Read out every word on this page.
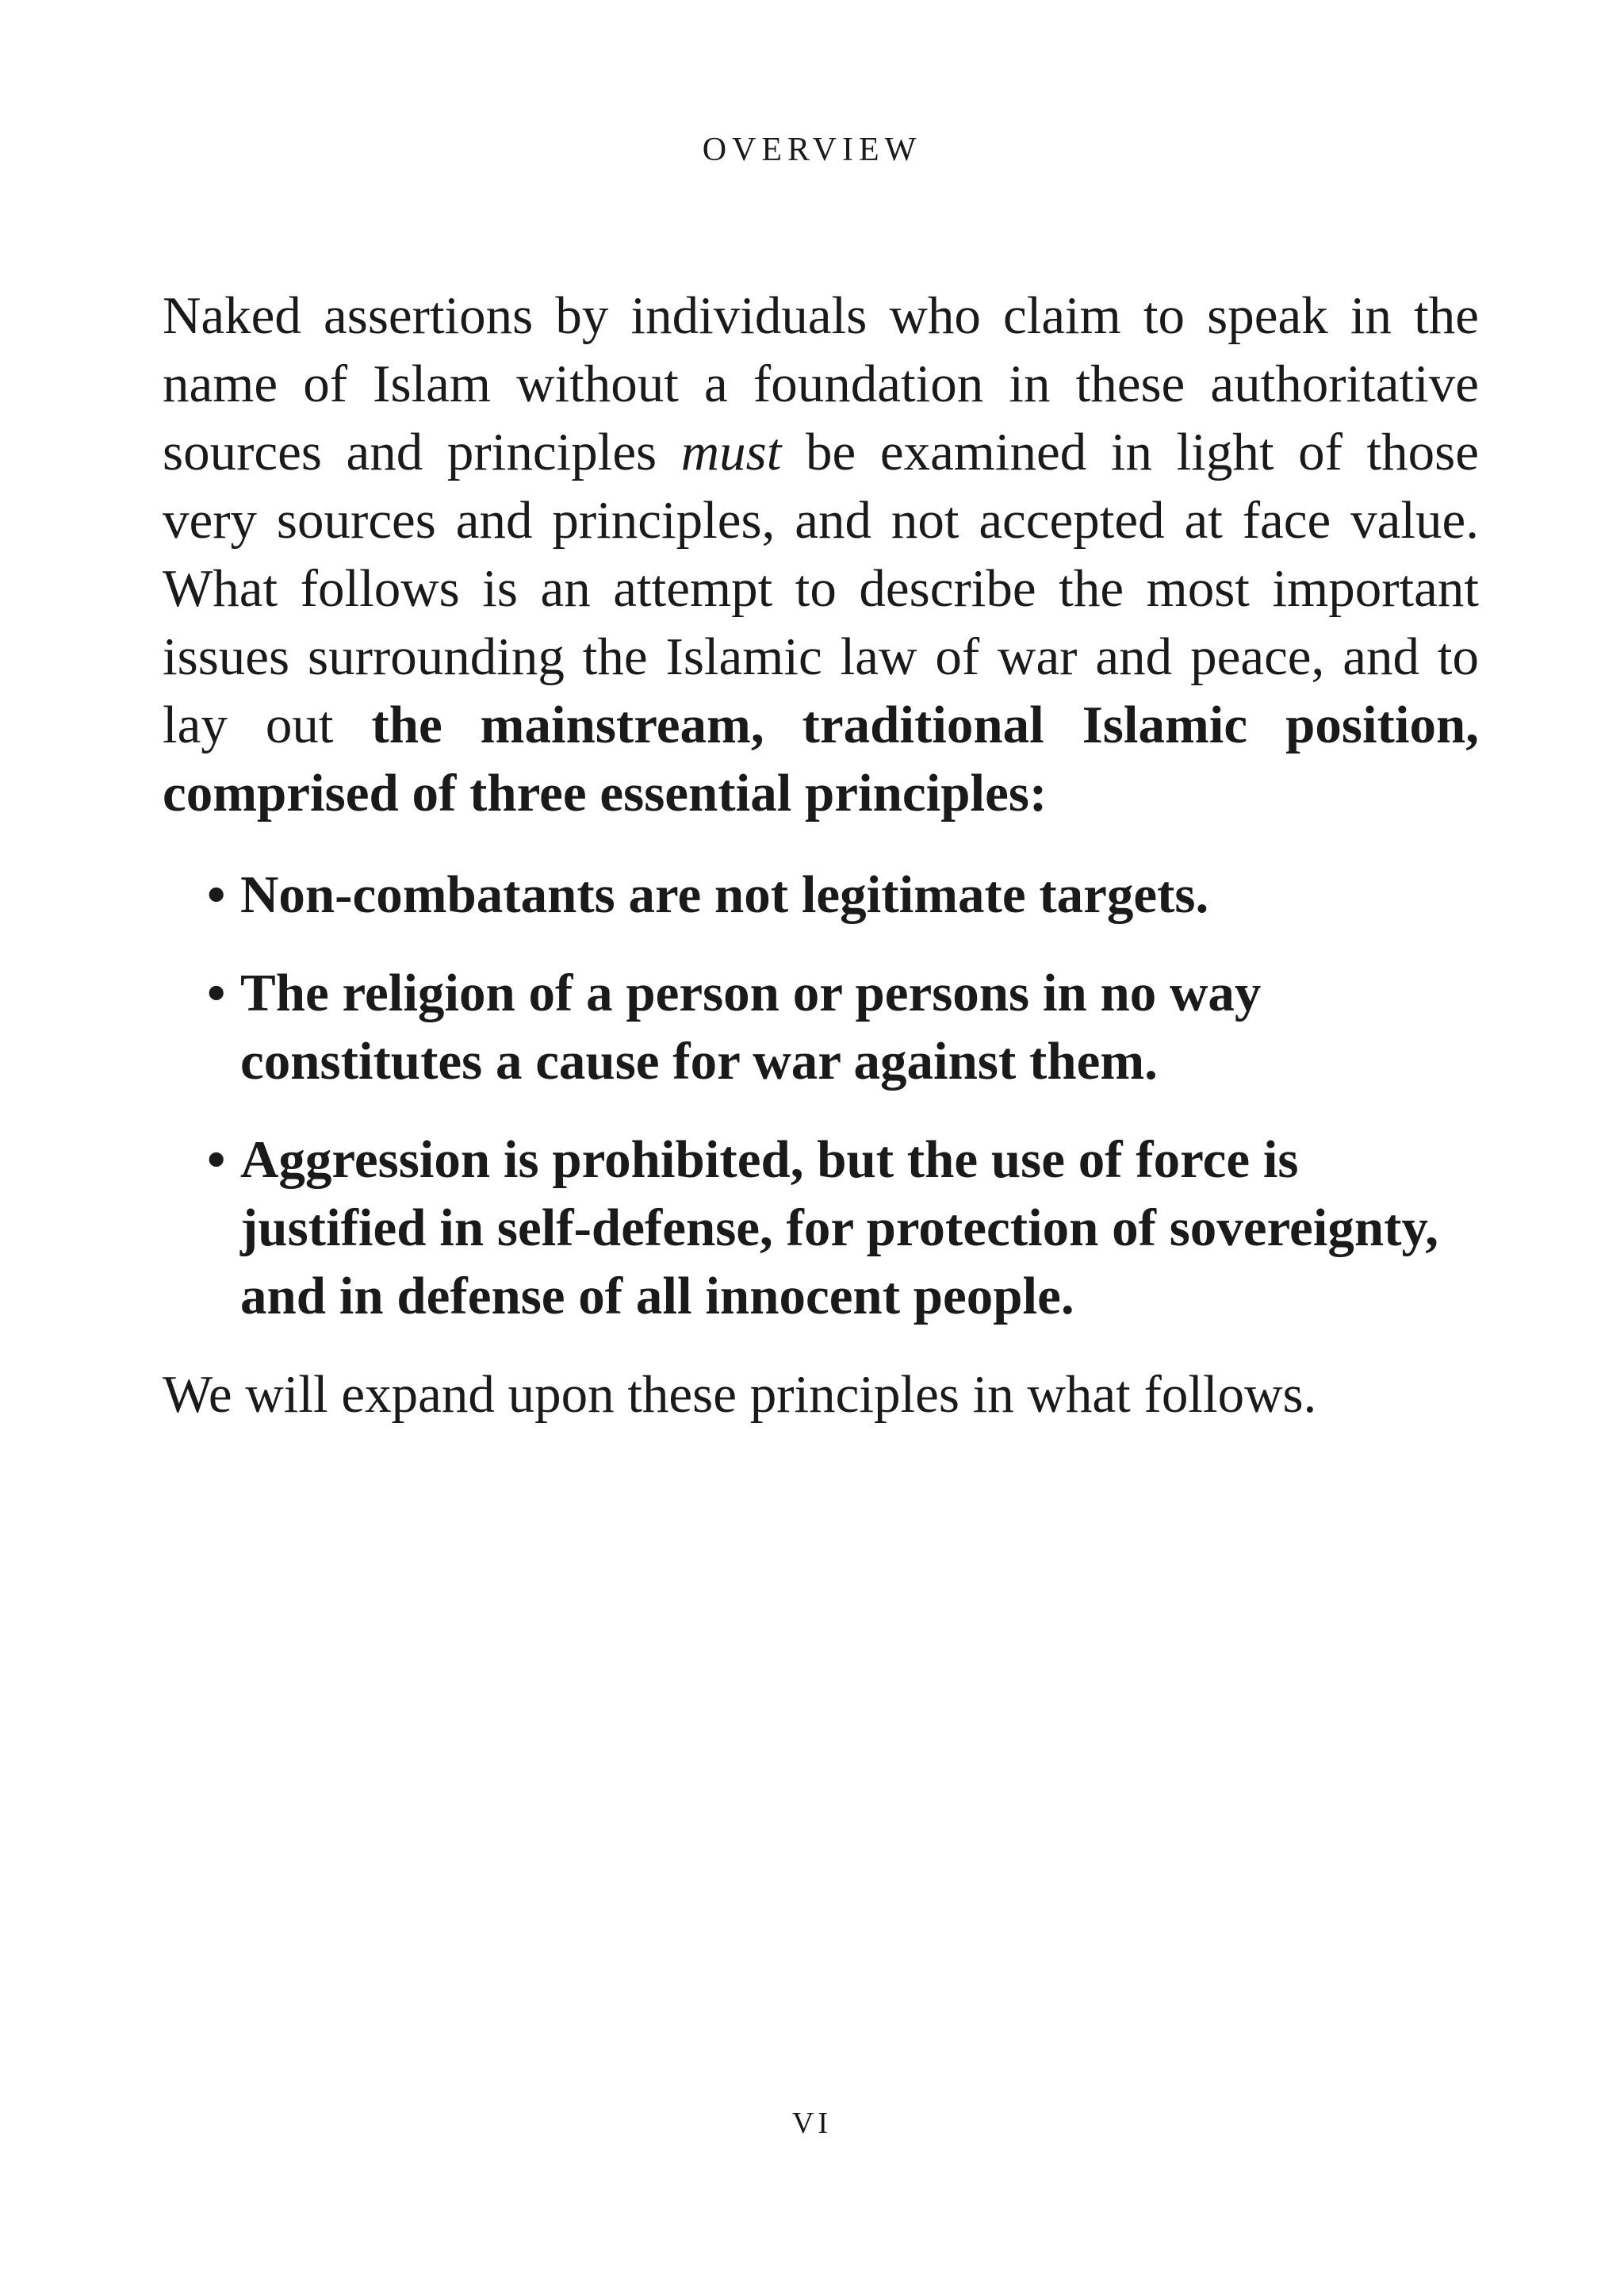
OVERVIEW

Naked assertions by individuals who claim to speak in the name of Islam without a foundation in these authoritative sources and principles must be examined in light of those very sources and principles, and not accepted at face value. What follows is an attempt to describe the most important issues surrounding the Islamic law of war and peace, and to lay out the mainstream, traditional Islamic position, comprised of three essential principles:

• Non-combatants are not legitimate targets.
• The religion of a person or persons in no way constitutes a cause for war against them.
• Aggression is prohibited, but the use of force is justified in self-defense, for protection of sovereignty, and in defense of all innocent people.

We will expand upon these principles in what follows.

VI
